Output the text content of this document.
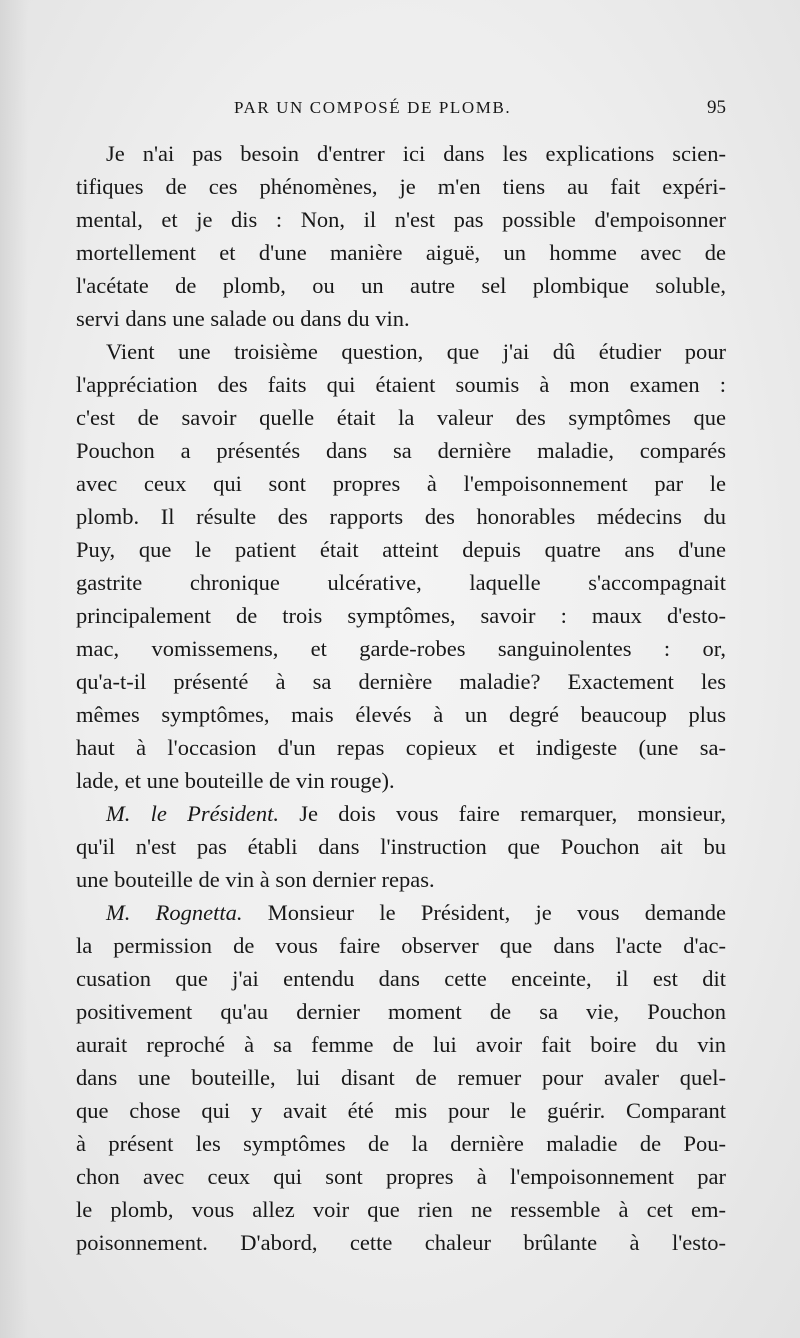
PAR UN COMPOSÉ DE PLOMB.	95

Je n'ai pas besoin d'entrer ici dans les explications scien-
tifiques de ces phénomènes, je m'en tiens au fait expéri-
mental, et je dis : Non, il n'est pas possible d'empoisonner
mortellement et d'une manière aiguë, un homme avec de
l'acétate de plomb, ou un autre sel plombique soluble,
servi dans une salade ou dans du vin.

Vient une troisième question, que j'ai dû étudier pour
l'appréciation des faits qui étaient soumis à mon examen :
c'est de savoir quelle était la valeur des symptômes que
Pouchon a présentés dans sa dernière maladie, comparés
avec ceux qui sont propres à l'empoisonnement par le
plomb. Il résulte des rapports des honorables médecins du
Puy, que le patient était atteint depuis quatre ans d'une
gastrite chronique ulcérative, laquelle s'accompagnait
principalement de trois symptômes, savoir : maux d'esto-
mac, vomissemens, et garde-robes sanguinolentes : or,
qu'a-t-il présenté à sa dernière maladie? Exactement les
mêmes symptômes, mais élevés à un degré beaucoup plus
haut à l'occasion d'un repas copieux et indigeste (une sa-
lade, et une bouteille de vin rouge).

M. le Président. Je dois vous faire remarquer, monsieur,
qu'il n'est pas établi dans l'instruction que Pouchon ait bu
une bouteille de vin à son dernier repas.

M. Rognetta. Monsieur le Président, je vous demande
la permission de vous faire observer que dans l'acte d'ac-
cusation que j'ai entendu dans cette enceinte, il est dit
positivement qu'au dernier moment de sa vie, Pouchon
aurait reproché à sa femme de lui avoir fait boire du vin
dans une bouteille, lui disant de remuer pour avaler quel-
que chose qui y avait été mis pour le guérir. Comparant
à présent les symptômes de la dernière maladie de Pou-
chon avec ceux qui sont propres à l'empoisonnement par
le plomb, vous allez voir que rien ne ressemble à cet em-
poisonnement. D'abord, cette chaleur brûlante à l'esto-
